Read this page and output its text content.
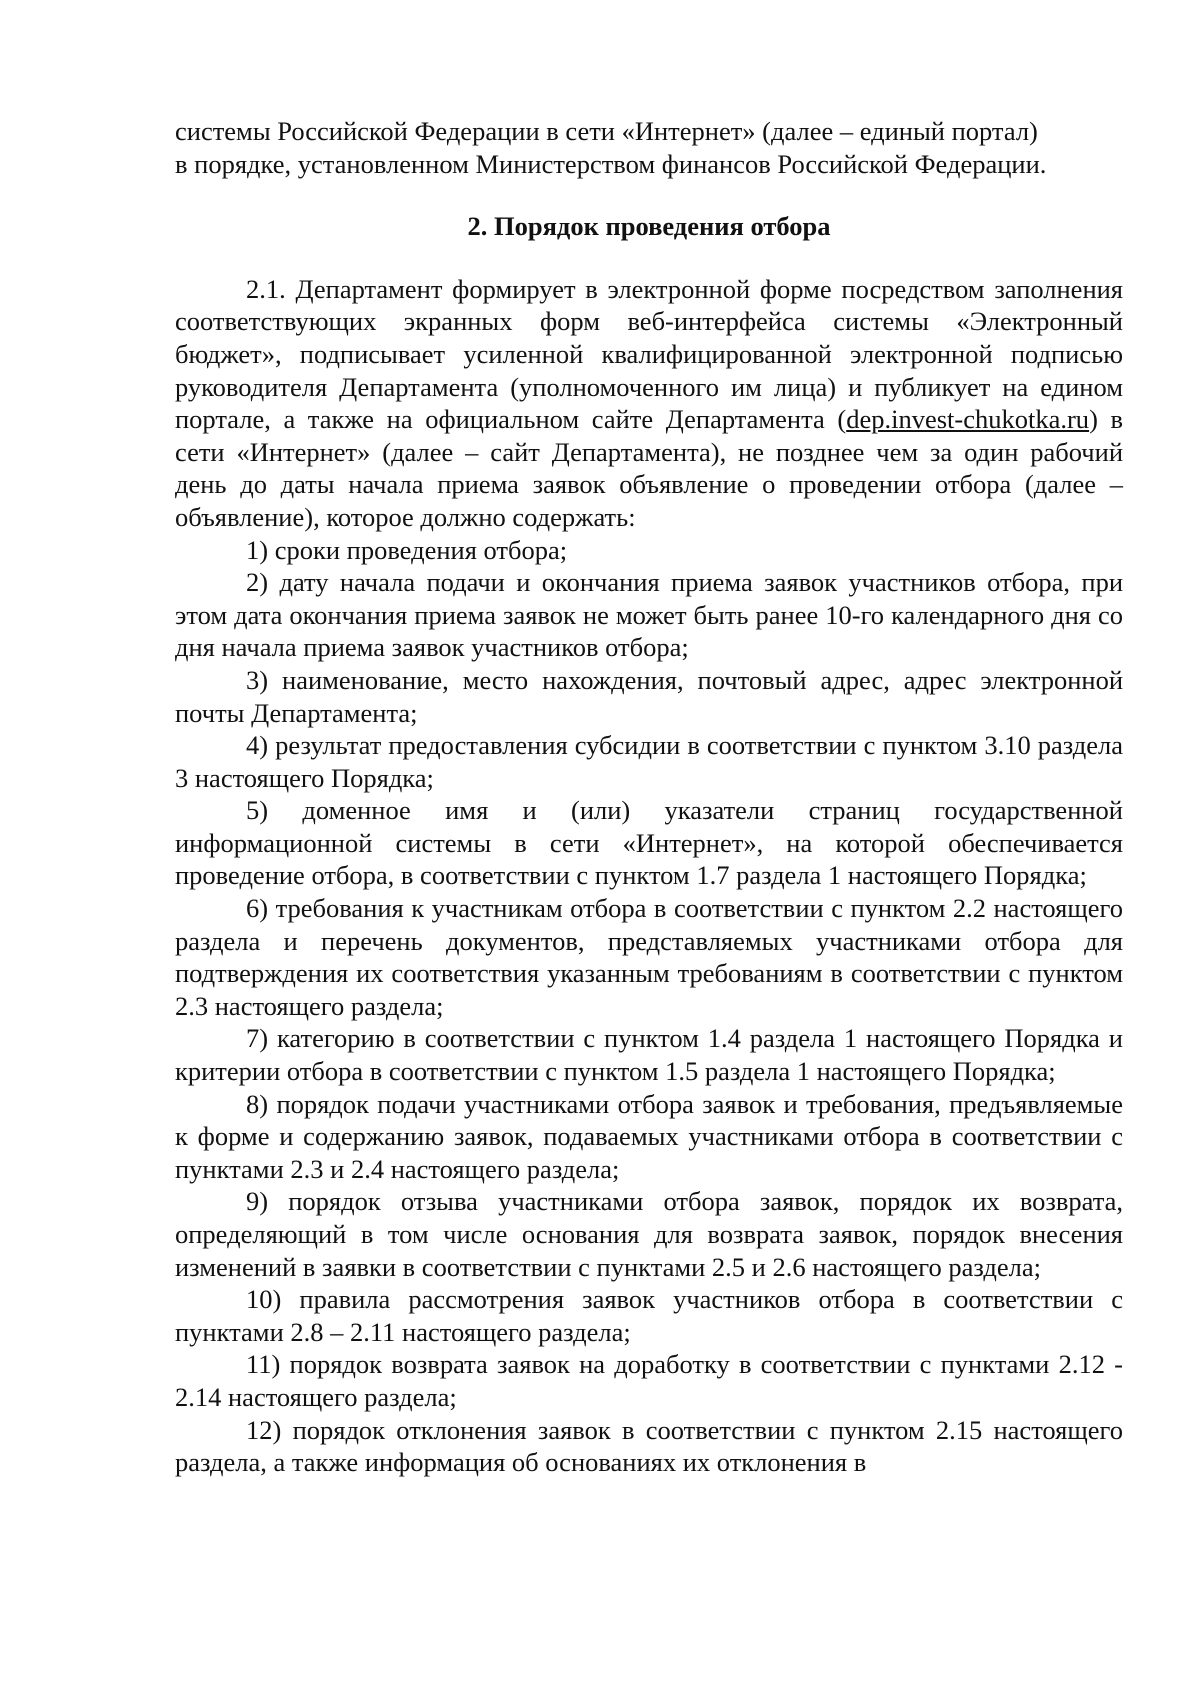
системы Российской Федерации в сети «Интернет» (далее – единый портал)

в порядке, установленном Министерством финансов Российской Федерации.

2. Порядок проведения отбора

2.1. Департамент формирует в электронной форме посредством заполнения соответствующих экранных форм веб-интерфейса системы «Электронный бюджет», подписывает усиленной квалифицированной электронной подписью руководителя Департамента (уполномоченного им лица) и публикует на едином портале, а также на официальном сайте Департамента (dep.invest-chukotka.ru) в сети «Интернет» (далее – сайт Департамента), не позднее чем за один рабочий день до даты начала приема заявок объявление о проведении отбора (далее – объявление), которое должно содержать:

1) сроки проведения отбора;

2) дату начала подачи и окончания приема заявок участников отбора, при этом дата окончания приема заявок не может быть ранее 10-го календарного дня со дня начала приема заявок участников отбора;

3) наименование, место нахождения, почтовый адрес, адрес электронной почты Департамента;

4) результат предоставления субсидии в соответствии с пунктом 3.10 раздела 3 настоящего Порядка;

5) доменное имя и (или) указатели страниц государственной информационной системы в сети «Интернет», на которой обеспечивается проведение отбора, в соответствии с пунктом 1.7 раздела 1 настоящего Порядка;

6) требования к участникам отбора в соответствии с пунктом 2.2 настоящего раздела и перечень документов, представляемых участниками отбора для подтверждения их соответствия указанным требованиям в соответствии с пунктом 2.3 настоящего раздела;

7) категорию в соответствии с пунктом 1.4 раздела 1 настоящего Порядка и критерии отбора в соответствии с пунктом 1.5 раздела 1 настоящего Порядка;

8) порядок подачи участниками отбора заявок и требования, предъявляемые к форме и содержанию заявок, подаваемых участниками отбора в соответствии с пунктами 2.3 и 2.4 настоящего раздела;

9) порядок отзыва участниками отбора заявок, порядок их возврата, определяющий в том числе основания для возврата заявок, порядок внесения изменений в заявки в соответствии с пунктами 2.5 и 2.6 настоящего раздела;

10) правила рассмотрения заявок участников отбора в соответствии с пунктами 2.8 – 2.11 настоящего раздела;

11) порядок возврата заявок на доработку в соответствии с пунктами 2.12 - 2.14 настоящего раздела;

12) порядок отклонения заявок в соответствии с пунктом 2.15 настоящего раздела, а также информация об основаниях их отклонения в
